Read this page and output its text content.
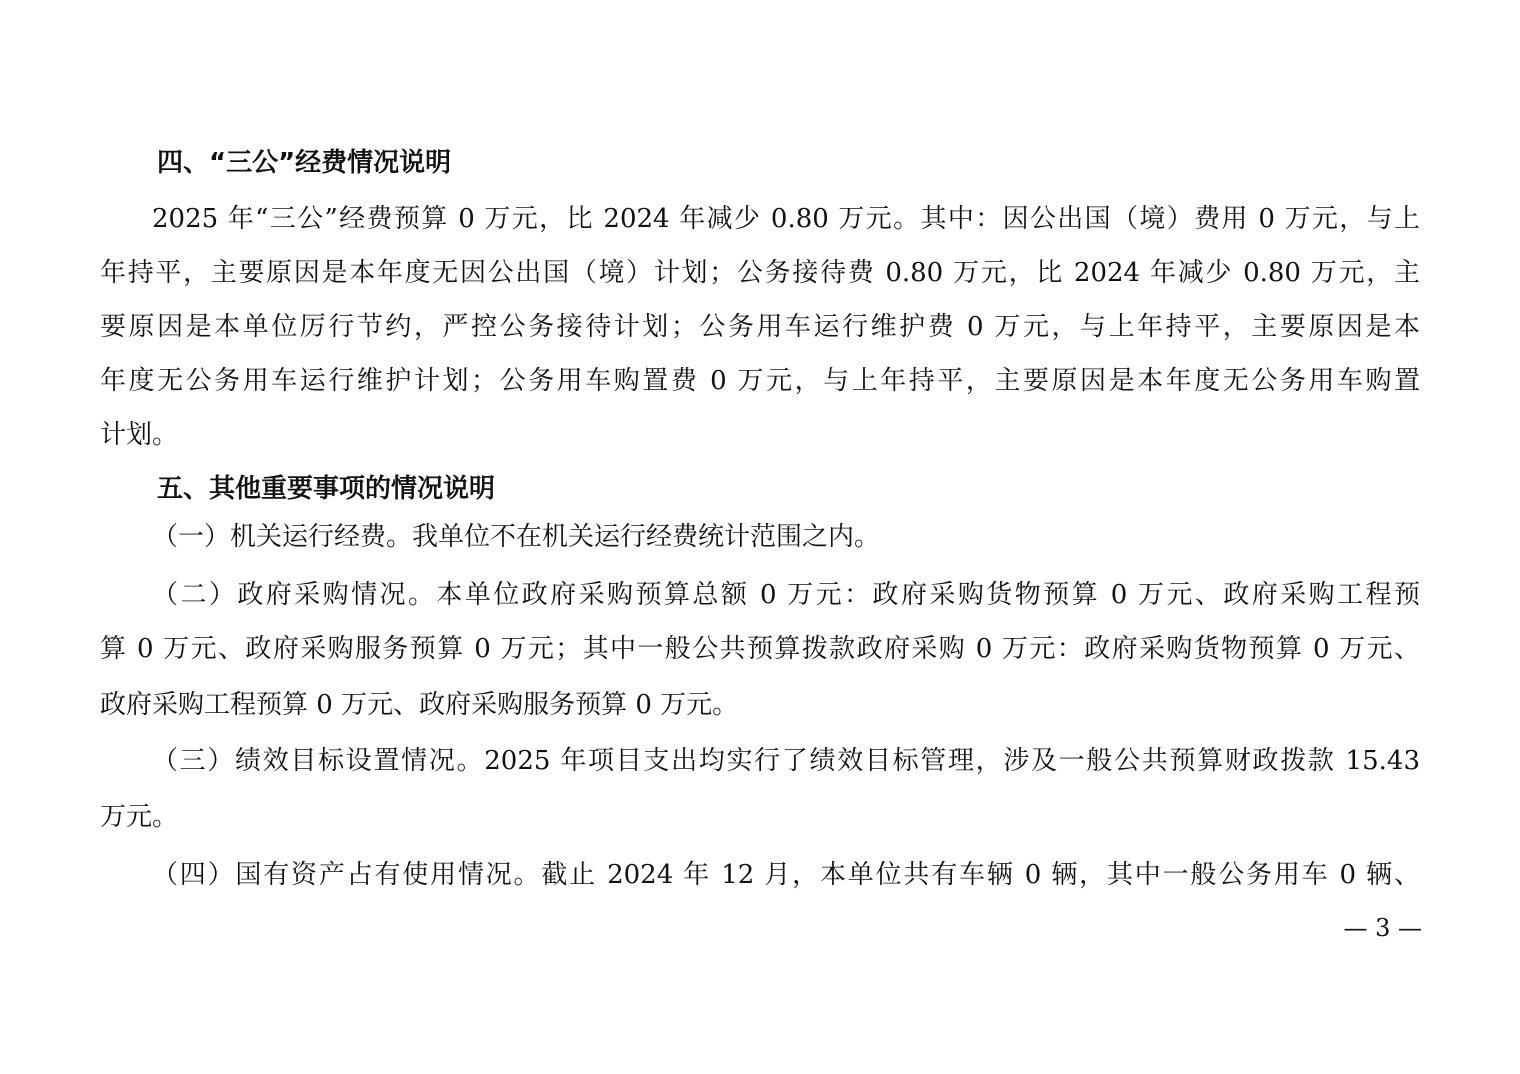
四、“三公”经费情况说明
2025 年“三公”经费预算 0 万元，比 2024 年减少 0.80 万元。其中：因公出国（境）费用 0 万元，与上
年持平，主要原因是本年度无因公出国（境）计划；公务接待费 0.80 万元，比 2024 年减少 0.80 万元，主
要原因是本单位厉行节约，严控公务接待计划；公务用车运行维护费 0 万元，与上年持平，主要原因是本
年度无公务用车运行维护计划；公务用车购置费 0 万元，与上年持平，主要原因是本年度无公务用车购置
计划。
五、其他重要事项的情况说明
（一）机关运行经费。我单位不在机关运行经费统计范围之内。
（二）政府采购情况。本单位政府采购预算总额 0 万元：政府采购货物预算 0 万元、政府采购工程预
算 0 万元、政府采购服务预算 0 万元；其中一般公共预算拨款政府采购 0 万元：政府采购货物预算 0 万元、
政府采购工程预算 0 万元、政府采购服务预算 0 万元。
（三）绩效目标设置情况。2025 年项目支出均实行了绩效目标管理，涉及一般公共预算财政拨款 15.43
万元。
（四）国有资产占有使用情况。截止 2024 年 12 月，本单位共有车辆 0 辆，其中一般公务用车 0 辆、
— 3 —
